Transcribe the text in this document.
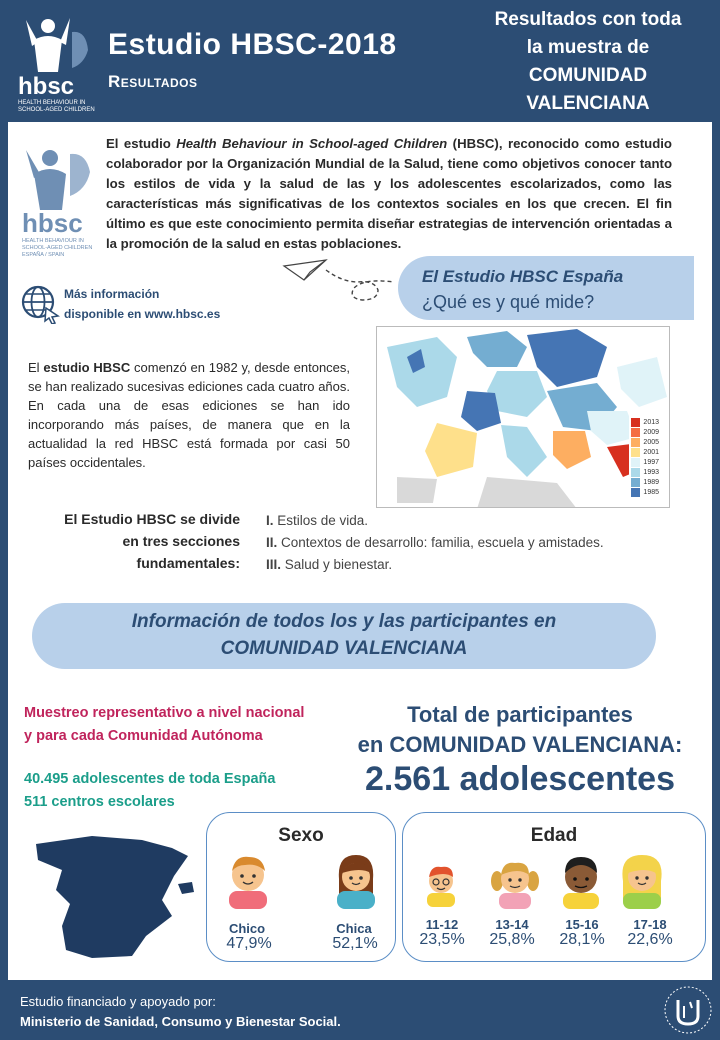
hbsc
HEALTH BEHAVIOUR IN
SCHOOL-AGED CHILDREN
Estudio HBSC-2018
Resultados
Resultados con toda
la muestra de
COMUNIDAD
VALENCIANA
hbsc
HEALTH BEHAVIOUR IN
SCHOOL-AGED CHILDREN
ESPAÑA / SPAIN
El estudio Health Behaviour in School-aged Children (HBSC), reconocido como estudio colaborador por la Organización Mundial de la Salud, tiene como objetivos conocer tanto los estilos de vida y la salud de las y los adolescentes escolarizados, como las características más significativas de los contextos sociales en los que crecen. El fin último es que este conocimiento permita diseñar estrategias de intervención orientadas a la promoción de la salud en estas poblaciones.
Más información
disponible en www.hbsc.es
El Estudio HBSC España
¿Qué es y qué mide?
2013
2009
2005
2001
1997
1993
1989
1985
El estudio HBSC comenzó en 1982 y, desde entonces, se han realizado sucesivas ediciones cada cuatro años. En cada una de esas ediciones se han ido incorporando más países, de manera que en la actualidad la red HBSC está formada por casi 50 países occidentales.
El Estudio HBSC se divide
en tres secciones
fundamentales:
I. Estilos de vida.
II. Contextos de desarrollo: familia, escuela y amistades.
III. Salud y bienestar.
Información de todos los y las participantes en
COMUNIDAD VALENCIANA
Muestreo representativo a nivel nacional
y para cada Comunidad Autónoma
40.495 adolescentes de toda España
511 centros escolares
Total de participantes
en COMUNIDAD VALENCIANA:
2.561 adolescentes
Sexo
Chico
47,9%
Chica
52,1%
Edad
11-12
23,5%
13-14
25,8%
15-16
28,1%
17-18
22,6%
Estudio financiado y apoyado por:
Ministerio de Sanidad, Consumo y Bienestar Social.
